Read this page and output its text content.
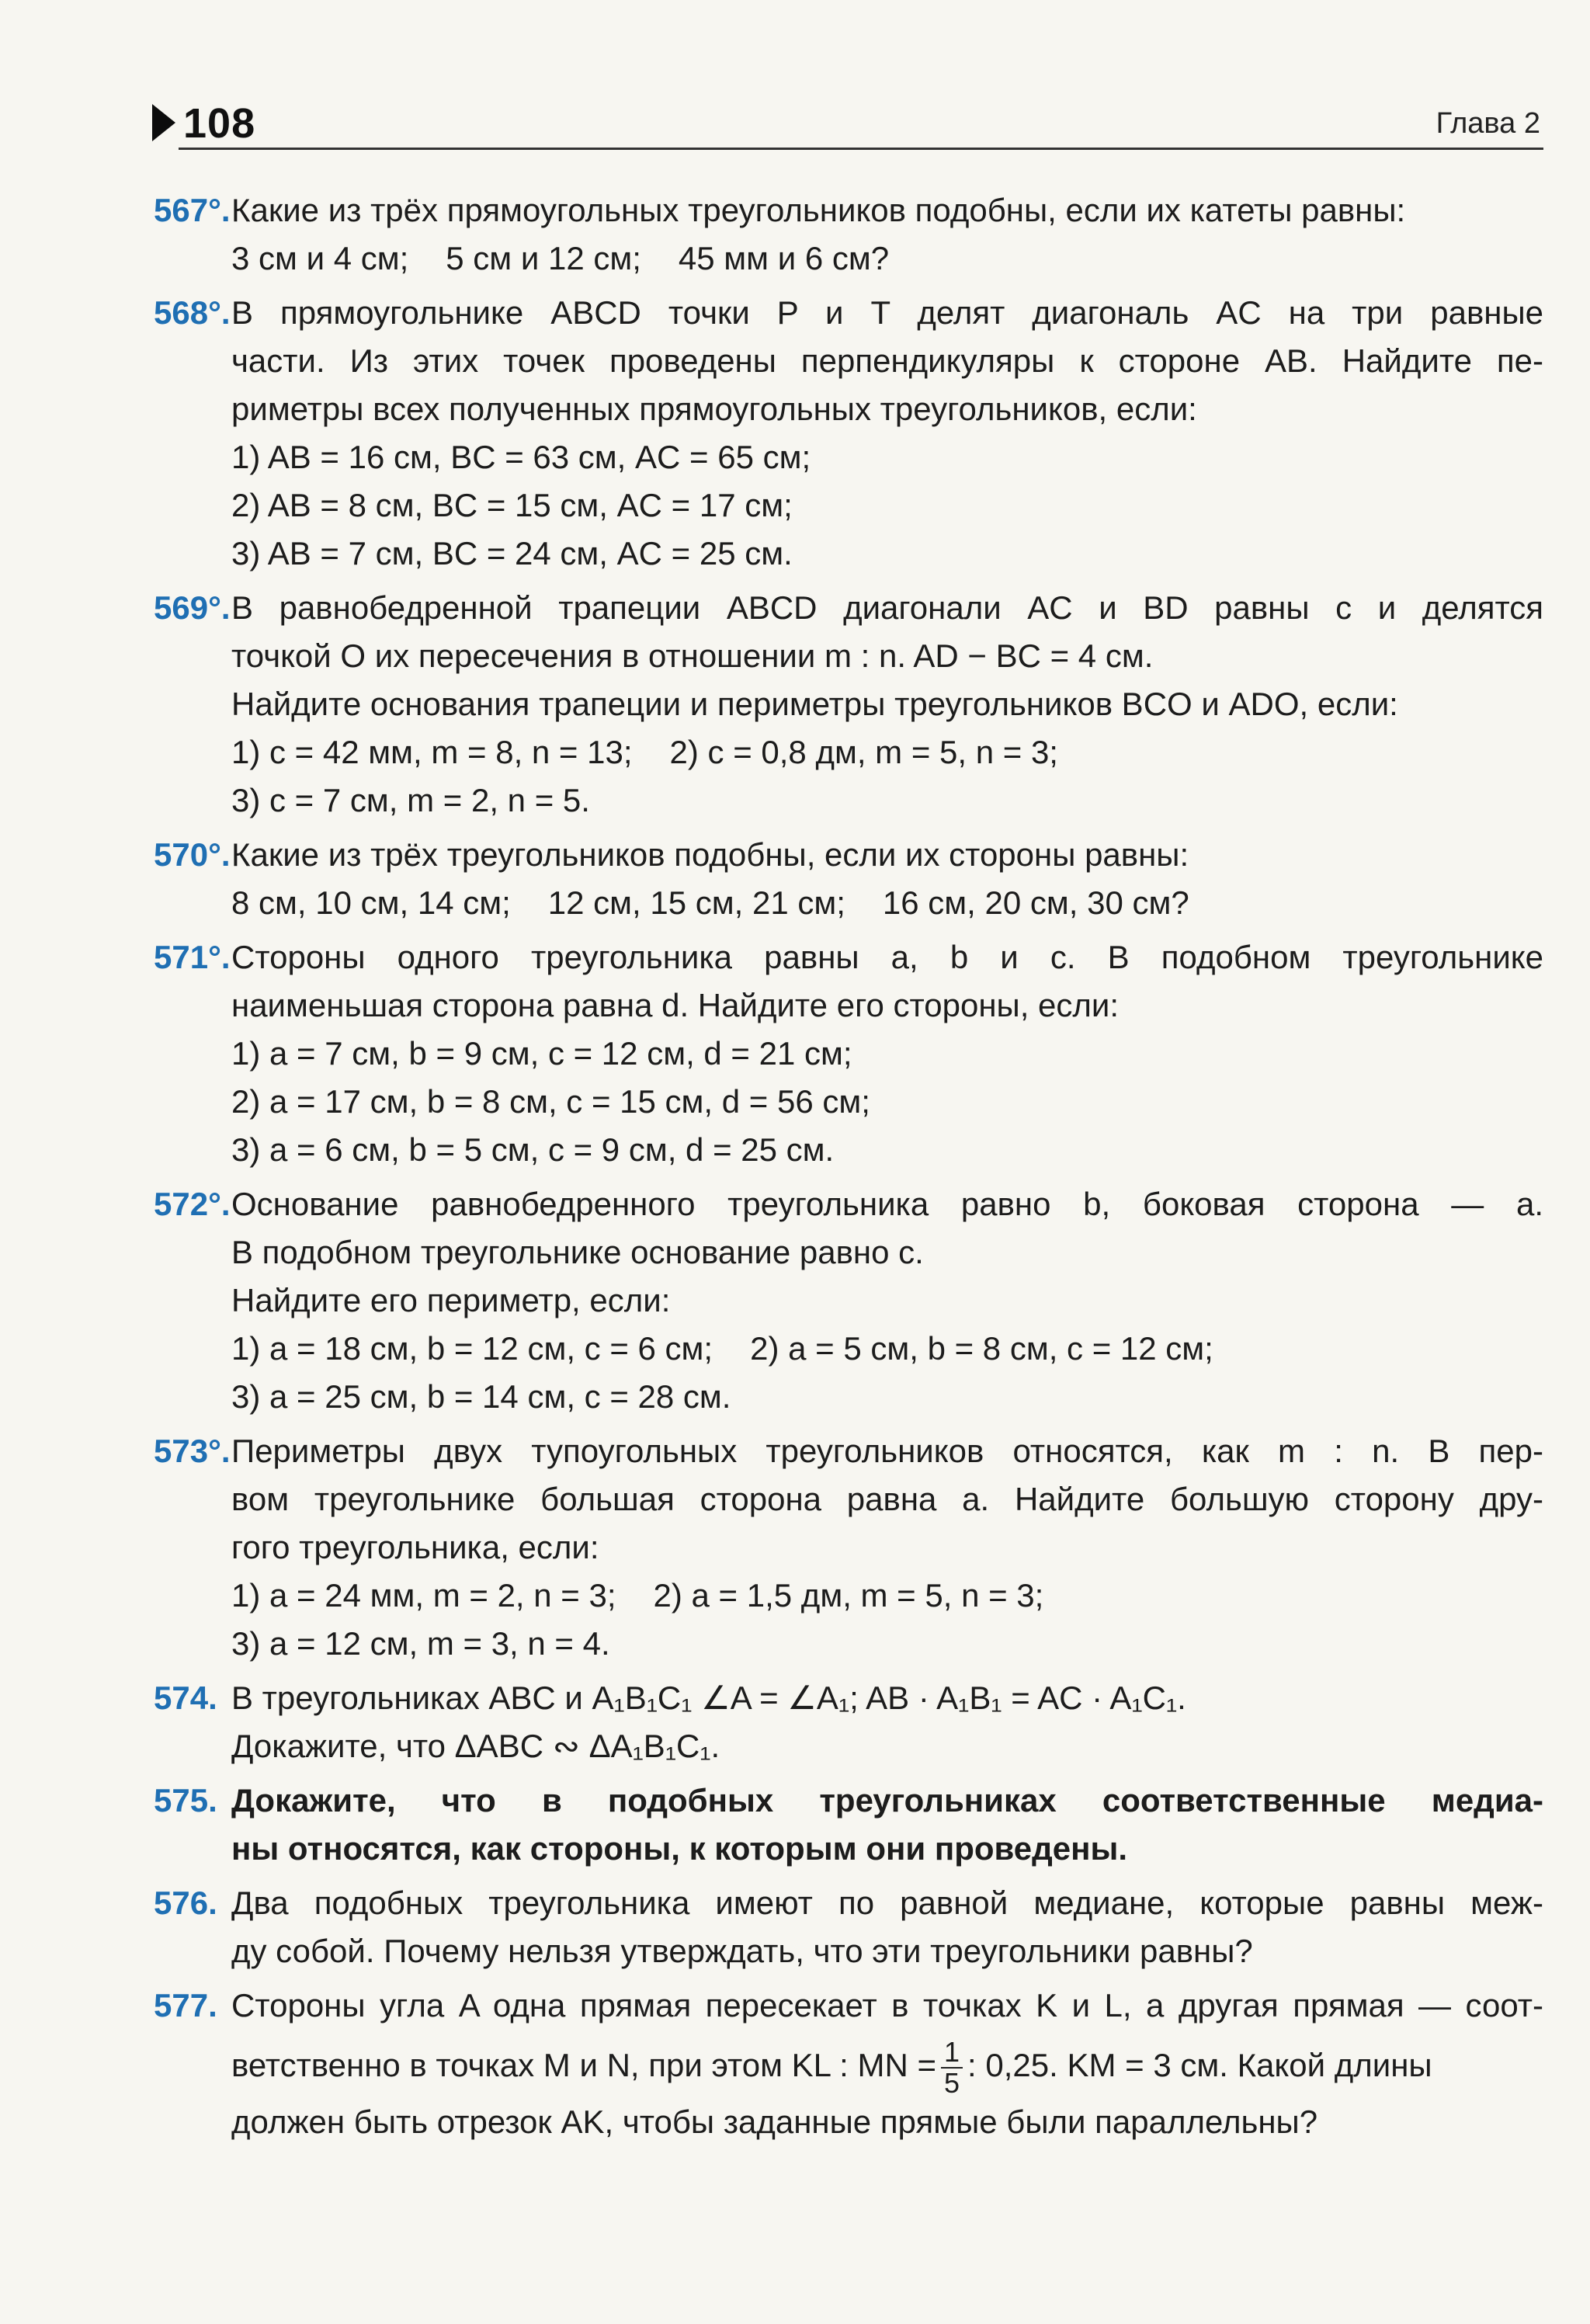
108	Глава 2
567°. Какие из трёх прямоугольных треугольников подобны, если их катеты равны:
3 см и 4 см; 5 см и 12 см; 45 мм и 6 см?
568°. В прямоугольнике ABCD точки P и T делят диагональ AC на три равные
части. Из этих точек проведены перпендикуляры к стороне AB. Найдите пе-
риметры всех полученных прямоугольных треугольников, если:
1) AB = 16 см, BC = 63 см, AC = 65 см;
2) AB = 8 см, BC = 15 см, AC = 17 см;
3) AB = 7 см, BC = 24 см, AC = 25 см.
569°. В равнобедренной трапеции ABCD диагонали AC и BD равны c и делятся
точкой O их пересечения в отношении m : n. AD − BC = 4 см.
Найдите основания трапеции и периметры треугольников BCO и ADO, если:
1) c = 42 мм, m = 8, n = 13; 2) c = 0,8 дм, m = 5, n = 3;
3) c = 7 см, m = 2, n = 5.
570°. Какие из трёх треугольников подобны, если их стороны равны:
8 см, 10 см, 14 см; 12 см, 15 см, 21 см; 16 см, 20 см, 30 см?
571°. Стороны одного треугольника равны a, b и c. В подобном треугольнике
наименьшая сторона равна d. Найдите его стороны, если:
1) a = 7 см, b = 9 см, c = 12 см, d = 21 см;
2) a = 17 см, b = 8 см, c = 15 см, d = 56 см;
3) a = 6 см, b = 5 см, c = 9 см, d = 25 см.
572°. Основание равнобедренного треугольника равно b, боковая сторона — a.
В подобном треугольнике основание равно c.
Найдите его периметр, если:
1) a = 18 см, b = 12 см, c = 6 см; 2) a = 5 см, b = 8 см, c = 12 см;
3) a = 25 см, b = 14 см, c = 28 см.
573°. Периметры двух тупоугольных треугольников относятся, как m : n. В пер-
вом треугольнике большая сторона равна a. Найдите большую сторону дру-
гого треугольника, если:
1) a = 24 мм, m = 2, n = 3; 2) a = 1,5 дм, m = 5, n = 3;
3) a = 12 см, m = 3, n = 4.
574. В треугольниках ABC и A₁B₁C₁ ∠A = ∠A₁; AB · A₁B₁ = AC · A₁C₁.
Докажите, что ΔABC ∾ ΔA₁B₁C₁.
575. Докажите, что в подобных треугольниках соответственные медиа-
ны относятся, как стороны, к которым они проведены.
576. Два подобных треугольника имеют по равной медиане, которые равны меж-
ду собой. Почему нельзя утверждать, что эти треугольники равны?
577. Стороны угла A одна прямая пересекает в точках K и L, а другая прямая — соот-
ветственно в точках M и N, при этом KL : MN = $\frac{1}{5}$ : 0,25. KM = 3 см. Какой длины
должен быть отрезок AK, чтобы заданные прямые были параллельны?
